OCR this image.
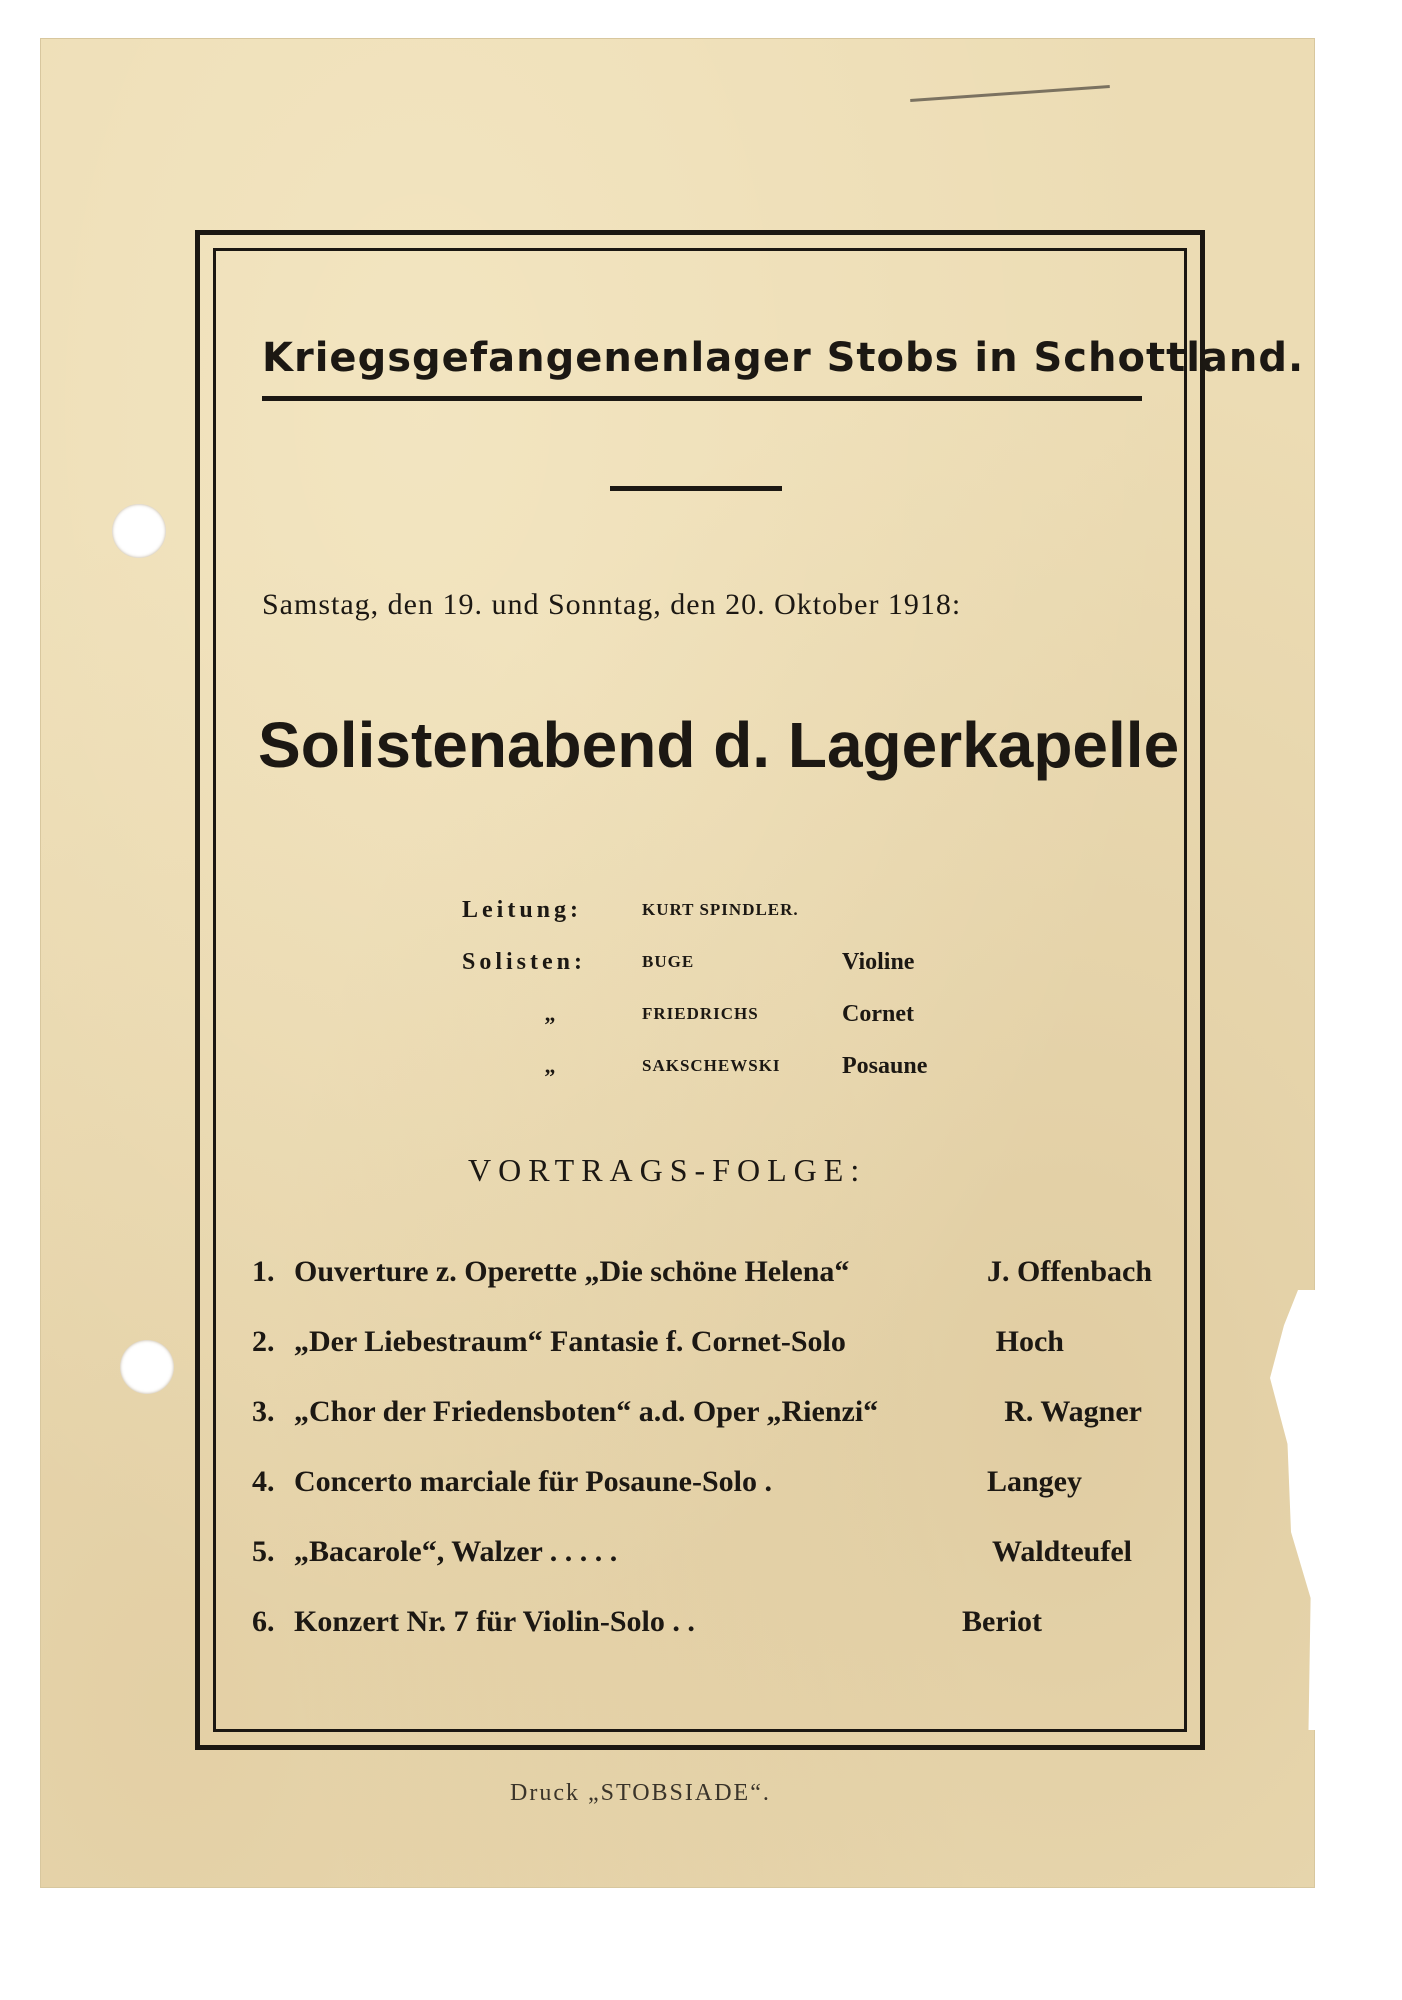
Kriegsgefangenenlager Stobs in Schottland.
Samstag, den 19. und Sonntag, den 20. Oktober 1918:
Solistenabend d. Lagerkapelle
Leitung:	KURT SPINDLER.	
Solisten:	BUGE	Violine
„	FRIEDRICHS	Cornet
„	SAKSCHEWSKI	Posaune
VORTRAGS-FOLGE:
1. Ouverture z. Operette „Die schöne Helena“	J. Offenbach
2. „Der Liebestraum“ Fantasie f. Cornet-Solo	Hoch
3. „Chor der Friedensboten“ a.d. Oper „Rienzi“	R. Wagner
4. Concerto marciale für Posaune-Solo .	Langey
5. „Bacarole“, Walzer . . . . .	Waldteufel
6. Konzert Nr. 7 für Violin-Solo . .	Beriot
Druck „STOBSIADE“.
